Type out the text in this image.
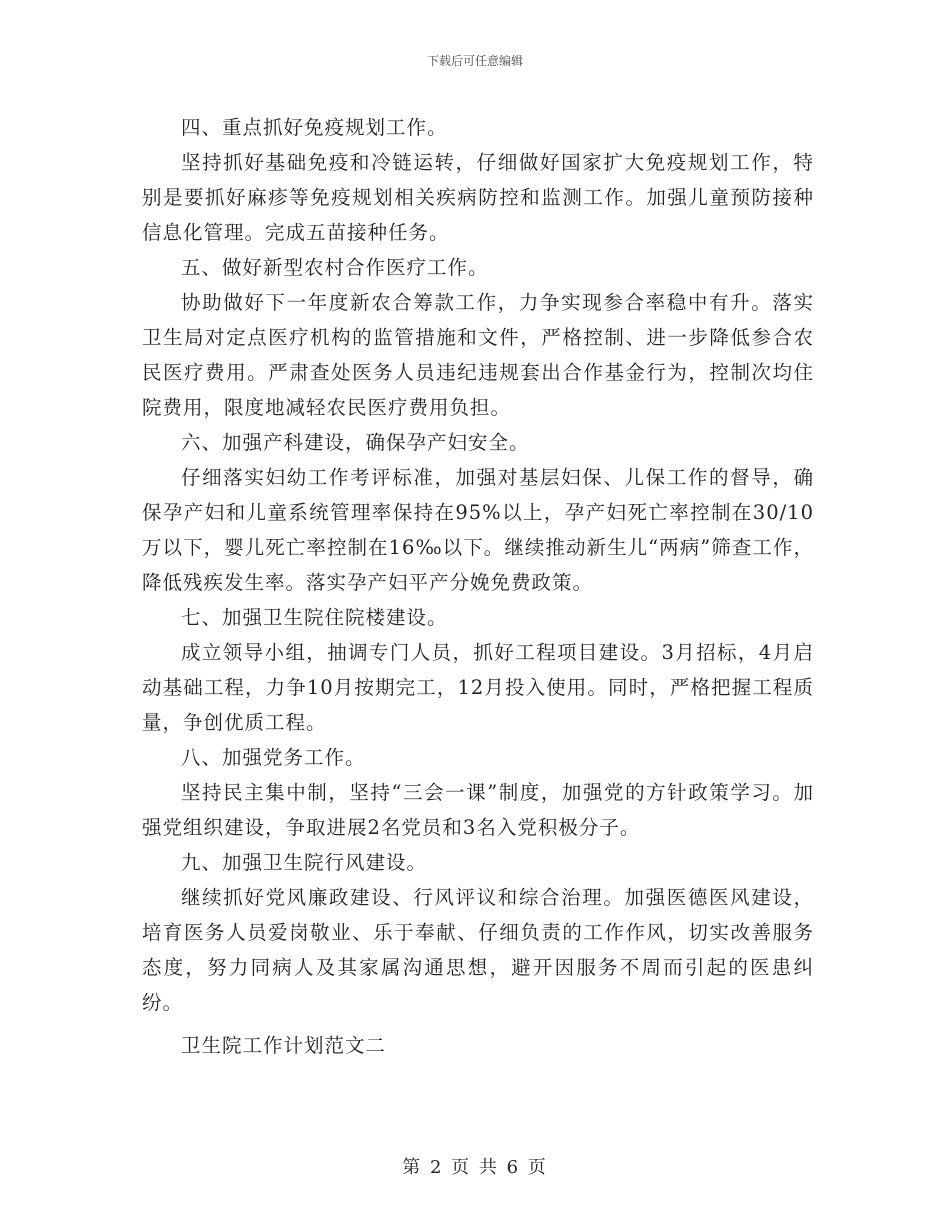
下载后可任意编辑

四、重点抓好免疫规划工作。

坚持抓好基础免疫和冷链运转，仔细做好国家扩大免疫规划工作，特别是要抓好麻疹等免疫规划相关疾病防控和监测工作。加强儿童预防接种信息化管理。完成五苗接种任务。

五、做好新型农村合作医疗工作。

协助做好下一年度新农合筹款工作，力争实现参合率稳中有升。落实卫生局对定点医疗机构的监管措施和文件，严格控制、进一步降低参合农民医疗费用。严肃查处医务人员违纪违规套出合作基金行为，控制次均住院费用，限度地减轻农民医疗费用负担。

六、加强产科建设，确保孕产妇安全。

仔细落实妇幼工作考评标准，加强对基层妇保、儿保工作的督导，确保孕产妇和儿童系统管理率保持在95%以上，孕产妇死亡率控制在30/10万以下，婴儿死亡率控制在16‰以下。继续推动新生儿“两病”筛查工作，降低残疾发生率。落实孕产妇平产分娩免费政策。

七、加强卫生院住院楼建设。

成立领导小组，抽调专门人员，抓好工程项目建设。3月招标，4月启动基础工程，力争10月按期完工，12月投入使用。同时，严格把握工程质量，争创优质工程。

八、加强党务工作。

坚持民主集中制，坚持“三会一课”制度，加强党的方针政策学习。加强党组织建设，争取进展2名党员和3名入党积极分子。

九、加强卫生院行风建设。

继续抓好党风廉政建设、行风评议和综合治理。加强医德医风建设，培育医务人员爱岗敬业、乐于奉献、仔细负责的工作作风，切实改善服务态度，努力同病人及其家属沟通思想，避开因服务不周而引起的医患纠纷。

卫生院工作计划范文二

第 2 页 共 6 页
